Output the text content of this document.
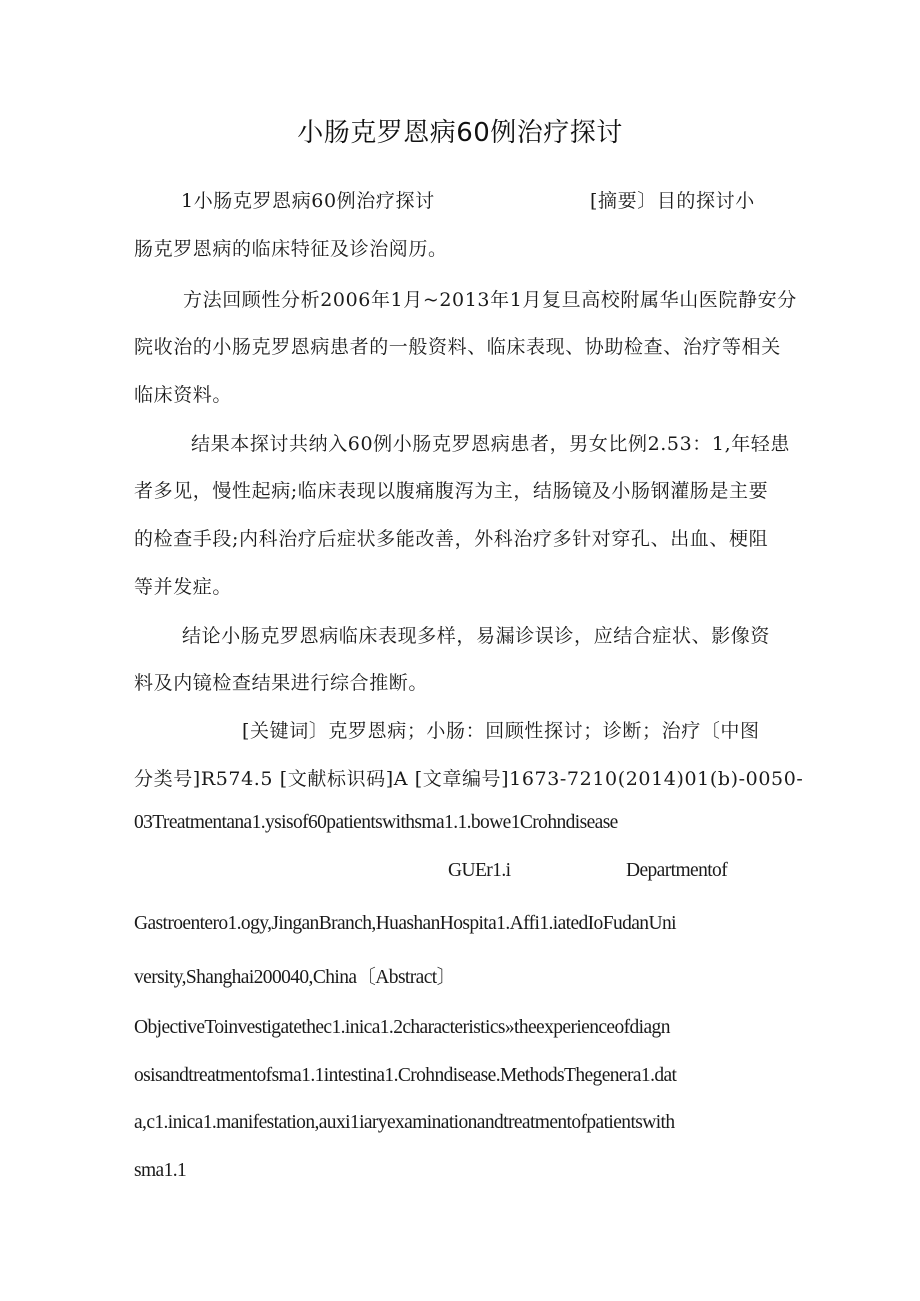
小肠克罗恩病60例治疗探讨
1小肠克罗恩病60例治疗探讨	[摘要〕目的探讨小
肠克罗恩病的临床特征及诊治阅历。
方法回顾性分析2006年1月~2013年1月复旦高校附属华山医院静安分
院收治的小肠克罗恩病患者的一般资料、临床表现、协助检查、治疗等相关
临床资料。
结果本探讨共纳入60例小肠克罗恩病患者，男女比例2.53：1,年轻患
者多见，慢性起病;临床表现以腹痛腹泻为主，结肠镜及小肠钢灌肠是主要
的检查手段;内科治疗后症状多能改善，外科治疗多针对穿孔、出血、梗阻
等并发症。
结论小肠克罗恩病临床表现多样，易漏诊误诊，应结合症状、影像资
料及内镜检查结果进行综合推断。
[关键词〕克罗恩病；小肠：回顾性探讨；诊断；治疗〔中图
分类号]R574.5 [文献标识码]A [文章编号]1673-7210(2014)01(b)-0050-
03Treatmentana1.ysisof60patientswithsma1.1.bowe1Crohndisease
GUEr1.i	Departmentof
Gastroentero1.ogy,JinganBranch,HuashanHospita1.Affi1.iatedIoFudanUni
versity,Shanghai200040,China〔Abstract〕
ObjectiveToinvestigatethec1.inica1.2characteristics»theexperienceofdiagn
osisandtreatmentofsma1.1intestina1.Crohndisease.MethodsThegenera1.dat
a,c1.inica1.manifestation,auxi1iaryexaminationandtreatmentofpatientswith
sma1.1
